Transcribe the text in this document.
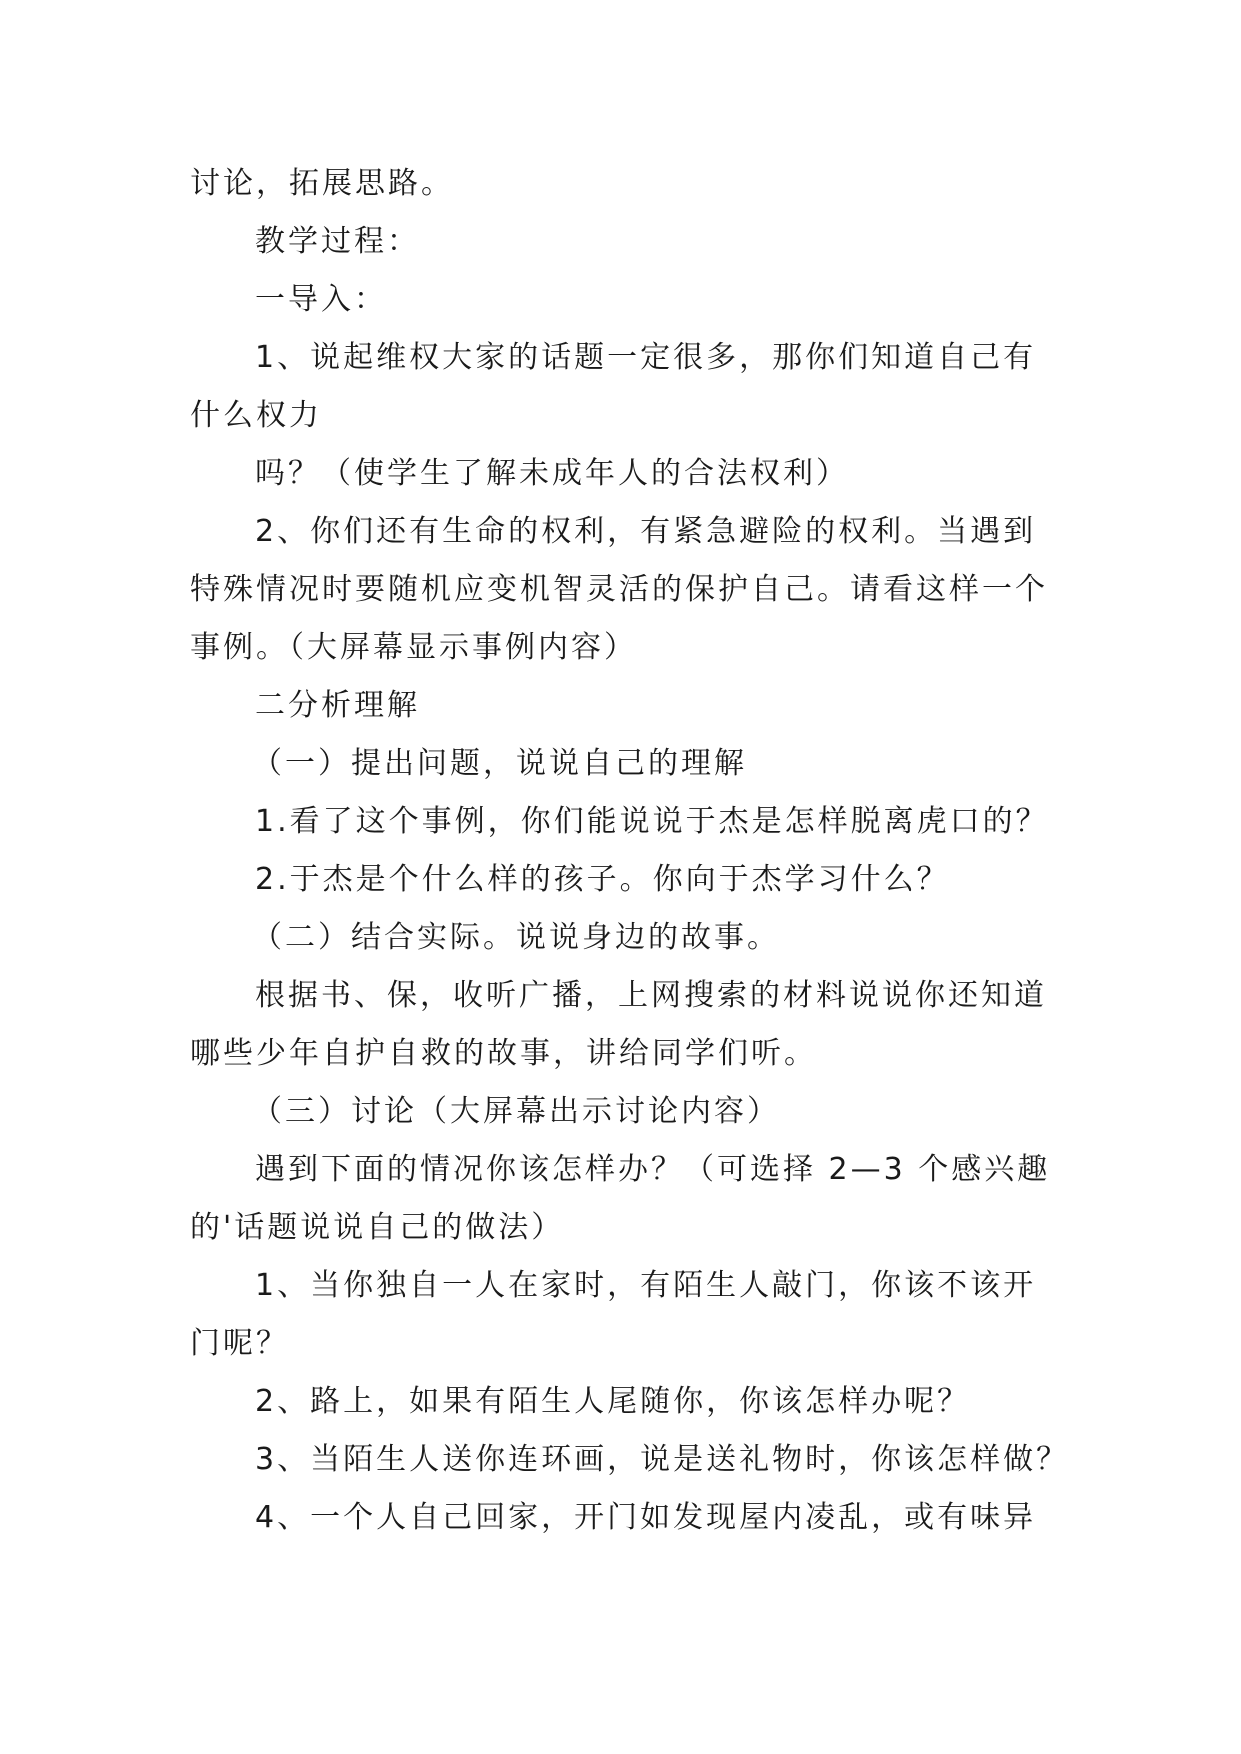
讨论，拓展思路。
教学过程：
一导入：
1、说起维权大家的话题一定很多，那你们知道自己有
什么权力
吗？（使学生了解未成年人的合法权利）
2、你们还有生命的权利，有紧急避险的权利。当遇到
特殊情况时要随机应变机智灵活的保护自己。请看这样一个
事例。（大屏幕显示事例内容）
二分析理解
（一）提出问题，说说自己的理解
1.看了这个事例，你们能说说于杰是怎样脱离虎口的？
2.于杰是个什么样的孩子。你向于杰学习什么？
（二）结合实际。说说身边的故事。
根据书、保，收听广播，上网搜索的材料说说你还知道
哪些少年自护自救的故事，讲给同学们听。
（三）讨论（大屏幕出示讨论内容）
遇到下面的情况你该怎样办？（可选择 2—3 个感兴趣
的'话题说说自己的做法）
1、当你独自一人在家时，有陌生人敲门，你该不该开
门呢？
2、路上，如果有陌生人尾随你，你该怎样办呢？
3、当陌生人送你连环画，说是送礼物时，你该怎样做？
4、一个人自己回家，开门如发现屋内凌乱，或有味异
